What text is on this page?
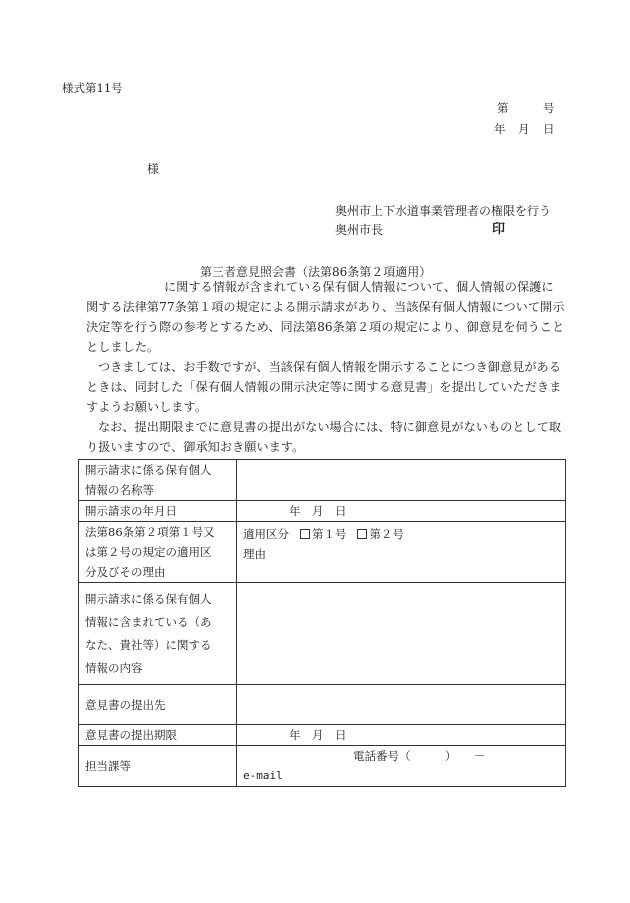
様式第11号
第	号
年 月 日
様
奥州市上下水道事業管理者の権限を行う
奥州市長	印
第三者意見照会書（法第86条第２項適用）
に関する情報が含まれている保有個人情報について、個人情報の保護に
関する法律第77条第１項の規定による開示請求があり、当該保有個人情報について開示
決定等を行う際の参考とするため、同法第86条第２項の規定により、御意見を伺うこと
としました。
つきましては、お手数ですが、当該保有個人情報を開示することにつき御意見がある
ときは、同封した「保有個人情報の開示決定等に関する意見書」を提出していただきま
すようお願いします。
なお、提出期限までに意見書の提出がない場合には、特に御意見がないものとして取
り扱いますので、御承知おき願います。
開示請求に係る保有個人
情報の名称等	

開示請求の年月日	年　月　日

法第86条第２項第１号又
は第２号の規定の適用区
分及びその理由	適用区分 第１号 第２号
理由

開示請求に係る保有個人
情報に含まれている（あ
なた、貴社等）に関する
情報の内容	

意見書の提出先	
意見書の提出期限	年　月　日
担当課等	電話番号（　　　）　　－
e-mail
